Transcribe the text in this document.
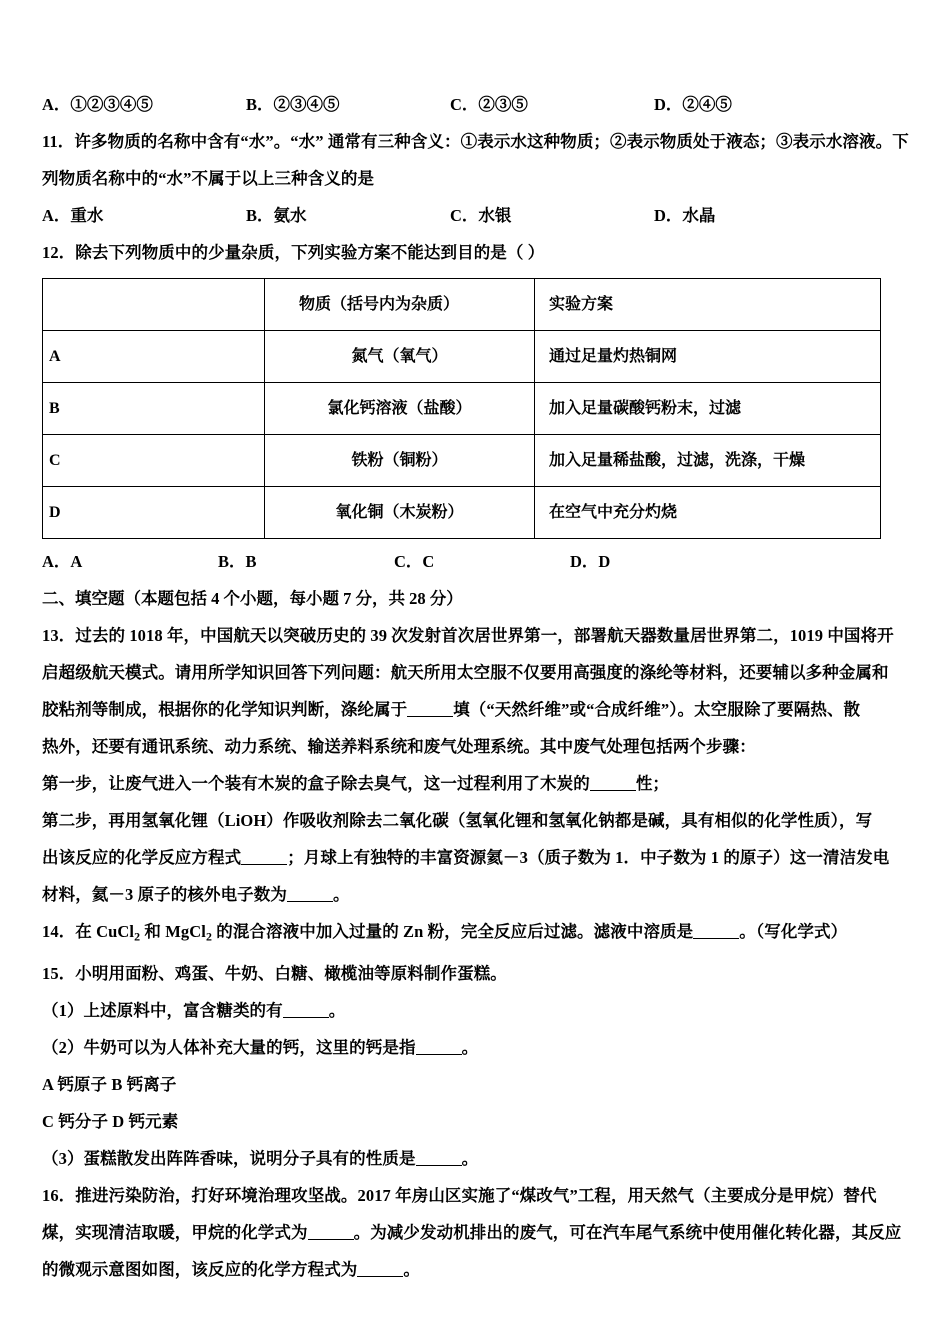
A．①②③④⑤	B．②③④⑤	C．②③⑤	D．②④⑤
11．许多物质的名称中含有“水”。“水” 通常有三种含义：①表示水这种物质；②表示物质处于液态；③表示水溶液。下
列物质名称中的“水”不属于以上三种含义的是
A．重水	B．氨水	C．水银	D．水晶
12．除去下列物质中的少量杂质，下列实验方案不能达到目的是（ ）
	物质（括号内为杂质）	实验方案
A	氮气（氧气）	通过足量灼热铜网
B	氯化钙溶液（盐酸）	加入足量碳酸钙粉末，过滤
C	铁粉（铜粉）	加入足量稀盐酸，过滤，洗涤，干燥
D	氧化铜（木炭粉）	在空气中充分灼烧
A．A	B．B	C．C	D．D
二、填空题（本题包括 4 个小题，每小题 7 分，共 28 分）
13．过去的 1018 年，中国航天以突破历史的 39 次发射首次居世界第一，部署航天器数量居世界第二，1019 中国将开
启超级航天模式。请用所学知识回答下列问题：航天所用太空服不仅要用高强度的涤纶等材料，还要辅以多种金属和
胶粘剂等制成，根据你的化学知识判断，涤纶属于	填（“天然纤维”或“合成纤维”）。太空服除了要隔热、散
热外，还要有通讯系统、动力系统、输送养料系统和废气处理系统。其中废气处理包括两个步骤：
第一步，让废气进入一个装有木炭的盒子除去臭气，这一过程利用了木炭的	性；
第二步，再用氢氧化锂（LiOH）作吸收剂除去二氧化碳（氢氧化锂和氢氧化钠都是碱，具有相似的化学性质），写
出该反应的化学反应方程式	；月球上有独特的丰富资源氦－3（质子数为 1．中子数为 1 的原子）这一清洁发电
材料，氦－3 原子的核外电子数为	。
14．在 CuCl$_2$ 和 MgCl$_2$ 的混合溶液中加入过量的 Zn 粉，完全反应后过滤。滤液中溶质是	。（写化学式）
15．小明用面粉、鸡蛋、牛奶、白糖、橄榄油等原料制作蛋糕。
（1）上述原料中，富含糖类的有	。
（2）牛奶可以为人体补充大量的钙，这里的钙是指	。
A 钙原子 B 钙离子
C 钙分子 D 钙元素
（3）蛋糕散发出阵阵香味，说明分子具有的性质是	。
16．推进污染防治，打好环境治理攻坚战。2017 年房山区实施了“煤改气”工程，用天然气（主要成分是甲烷）替代
煤，实现清洁取暖，甲烷的化学式为	。为减少发动机排出的废气，可在汽车尾气系统中使用催化转化器，其反应
的微观示意图如图，该反应的化学方程式为	。
